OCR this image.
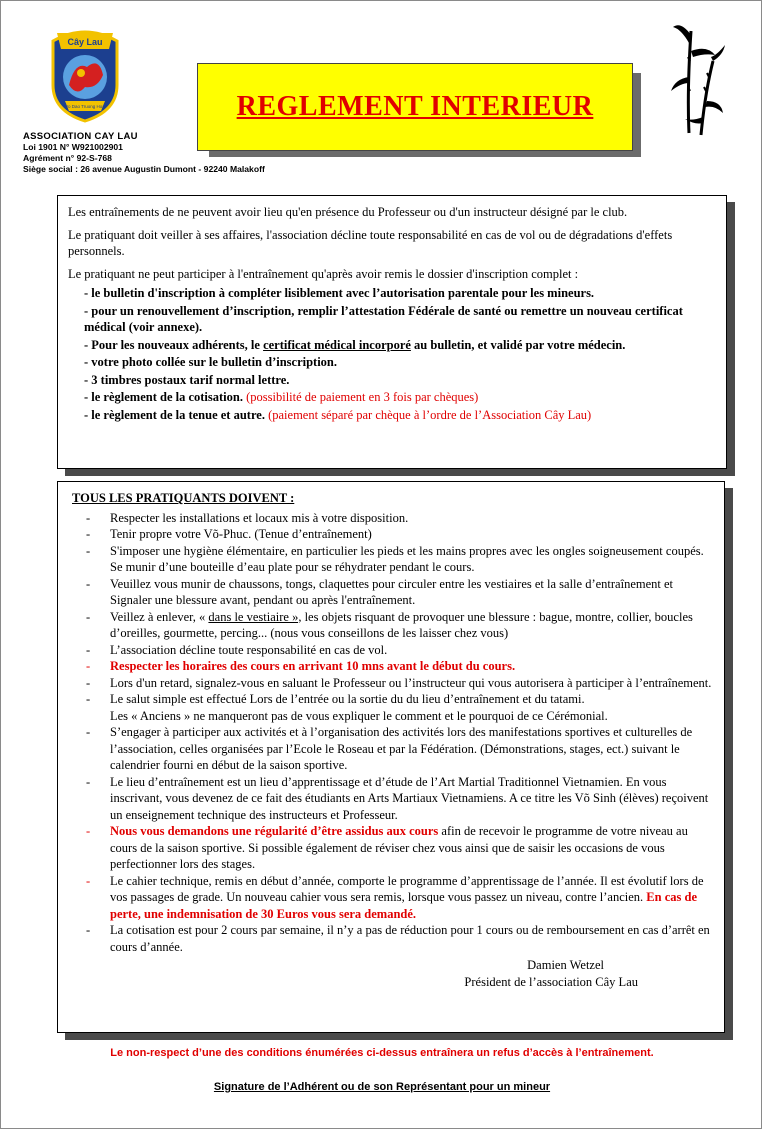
Cây Lau
Vo Dao Truong Hoa	REGLEMENT INTERIEUR
ASSOCIATION CAY LAU
Loi 1901 N° W921002901
Agrément n° 92-S-768
Siège social : 26 avenue Augustin Dumont - 92240 Malakoff

Les entraînements de ne peuvent avoir lieu qu'en présence du Professeur ou d'un instructeur désigné par le club.

Le pratiquant doit veiller à ses affaires, l'association décline toute responsabilité en cas de vol ou de dégradations d'effets personnels.

Le pratiquant ne peut participer à l'entraînement qu'après avoir remis le dossier d'inscription complet :

- le bulletin d'inscription à compléter lisiblement avec l’autorisation parentale pour les mineurs.
- pour un renouvellement d’inscription, remplir l’attestation Fédérale de santé ou remettre un nouveau certificat médical (voir annexe).
- Pour les nouveaux adhérents, le certificat médical incorporé au bulletin, et validé par votre médecin.
- votre photo collée sur le bulletin d’inscription.
- 3 timbres postaux tarif normal lettre.
- le règlement de la cotisation. (possibilité de paiement en 3 fois par chèques)
- le règlement de la tenue et autre. (paiement séparé par chèque à l’ordre de l’Association Cây Lau)
TOUS LES PRATIQUANTS DOIVENT :
- Respecter les installations et locaux mis à votre disposition.
- Tenir propre votre Võ-Phuc. (Tenue d’entraînement)
- S'imposer une hygiène élémentaire, en particulier les pieds et les mains propres avec les ongles soigneusement coupés. Se munir d’une bouteille d’eau plate pour se réhydrater pendant le cours.
- Veuillez vous munir de chaussons, tongs, claquettes pour circuler entre les vestiaires et la salle d’entraînement et Signaler une blessure avant, pendant ou après l'entraînement.
- Veillez à enlever, « dans le vestiaire », les objets risquant de provoquer une blessure : bague, montre, collier, boucles d’oreilles, gourmette, percing... (nous vous conseillons de les laisser chez vous)
- L’association décline toute responsabilité en cas de vol.
- Respecter les horaires des cours en arrivant 10 mns avant le début du cours.
- Lors d'un retard, signalez-vous en saluant le Professeur ou l’instructeur qui vous autorisera à participer à l’entraînement.
- Le salut simple est effectué Lors de l’entrée ou la sortie du du lieu d’entraînement et du tatami.
Les « Anciens » ne manqueront pas de vous expliquer le comment et le pourquoi de ce Cérémonial.
- S’engager à participer aux activités et à l’organisation des activités lors des manifestations sportives et culturelles de l’association, celles organisées par l’Ecole le Roseau et par la Fédération. (Démonstrations, stages, ect.) suivant le calendrier fourni en début de la saison sportive.
- Le lieu d’entraînement est un lieu d’apprentissage et d’étude de l’Art Martial Traditionnel Vietnamien. En vous inscrivant, vous devenez de ce fait des étudiants en Arts Martiaux Vietnamiens. A ce titre les Võ Sinh (élèves) reçoivent un enseignement technique des instructeurs et Professeur.
- Nous vous demandons une régularité d’être assidus aux cours afin de recevoir le programme de votre niveau au cours de la saison sportive. Si possible également de réviser chez vous ainsi que de saisir les occasions de vous perfectionner lors des stages.
- Le cahier technique, remis en début d’année, comporte le programme d’apprentissage de l’année. Il est évolutif lors de vos passages de grade. Un nouveau cahier vous sera remis, lorsque vous passez un niveau, contre l’ancien. En cas de perte, une indemnisation de 30 Euros vous sera demandé.
- La cotisation est pour 2 cours par semaine, il n’y a pas de réduction pour 1 cours ou de remboursement en cas d’arrêt en cours d’année.
Damien Wetzel
Président de l’association Cây Lau
Le non-respect d’une des conditions énumérées ci-dessus entraînera un refus d’accès à l’entraînement.
Signature de l’Adhérent ou de son Représentant pour un mineur
